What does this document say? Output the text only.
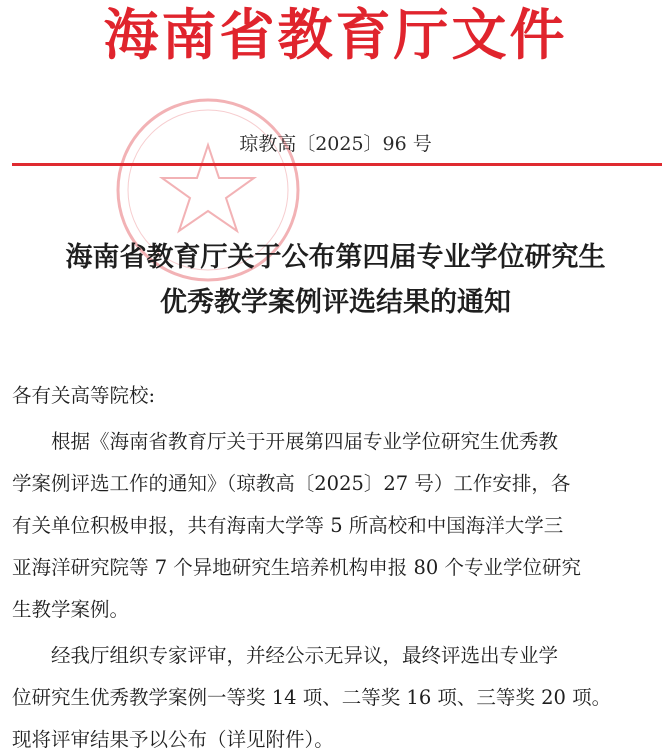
海南省教育厅文件
琼教高〔2025〕96 号
海南省教育厅关于公布第四届专业学位研究生
优秀教学案例评选结果的通知
各有关高等院校:
　　根据《海南省教育厅关于开展第四届专业学位研究生优秀教
学案例评选工作的通知》（琼教高〔2025〕27 号）工作安排，各
有关单位积极申报，共有海南大学等 5 所高校和中国海洋大学三
亚海洋研究院等 7 个异地研究生培养机构申报 80 个专业学位研究
生教学案例。
　　经我厅组织专家评审，并经公示无异议，最终评选出专业学
位研究生优秀教学案例一等奖 14 项、二等奖 16 项、三等奖 20 项。
现将评审结果予以公布（详见附件）。
